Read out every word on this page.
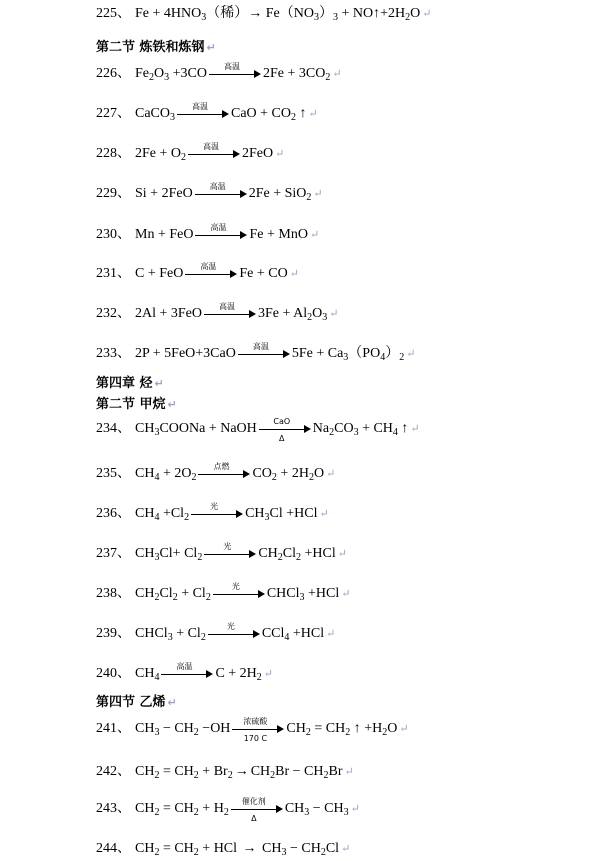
225、 $Fe + 4HNO_3$（稀）→ $Fe(NO_3)_3$ + $NO↑+2H_2O$ ↵
第二节 炼铁和炼钢 ↵
226、 $Fe_2O_3 +3CO$	高温	$2Fe + 3CO_2$ ↵
227、 CaCO$_3$
高温	CaO + $CO_2$ ↑ ↵
228、 $2Fe + O_2$
高温	2FeO ↵
229、 Si + 2FeO	高温	2Fe + SiO$_2$ ↵
230、 Mn + FeO	高温	Fe + MnO ↵
231、 C + FeO	高温	Fe + CO ↵
232、 2Al + 3FeO	高温	$3Fe + Al_2O_3$ ↵
233、 2P + 5FeO+3CaO	高温	$5Fe + Ca_3(PO_4)_2$ ↵
第四章 烃 ↵
第二节 甲烷 ↵
234、 $CH_3COONa$ + NaOH	CaO
Δ
$Na_2CO_3 + CH_4$ ↑ ↵
235、 $CH_4 + 2O_2$
点燃	$CO_2 + 2H_2O$ ↵
236、 $CH_4 +Cl_2$
光	$CH_3Cl +HCl$ ↵
237、 $CH_3Cl+ Cl_2$
光	$CH_2Cl_2 +HCl$ ↵
238、 $CH_2Cl_2 + Cl_2$
光	CHCl$_3$ +HCl ↵
239、 CHCl$_3$ + $Cl_2$
光	CCl$_4$ +HCl ↵
240、 $CH_4$
高温	$C + 2H_2$ ↵
第四节 乙烯 ↵
241、 $CH_3 - CH_2 -OH$	浓硫酸
170 C
$CH_2 = CH_2$ ↑ $+H_2O$ ↵
242、 $CH_2 = CH_2 + Br_2 \to CH_2Br - CH_2Br$ ↵
243、 $CH_2 = CH_2 + H_2$
催化剂
Δ
$CH_3 - CH_3$ ↵
244、 $CH_2 = CH_2$ + HCl → $CH_3 - CH_2Cl$ ↵
